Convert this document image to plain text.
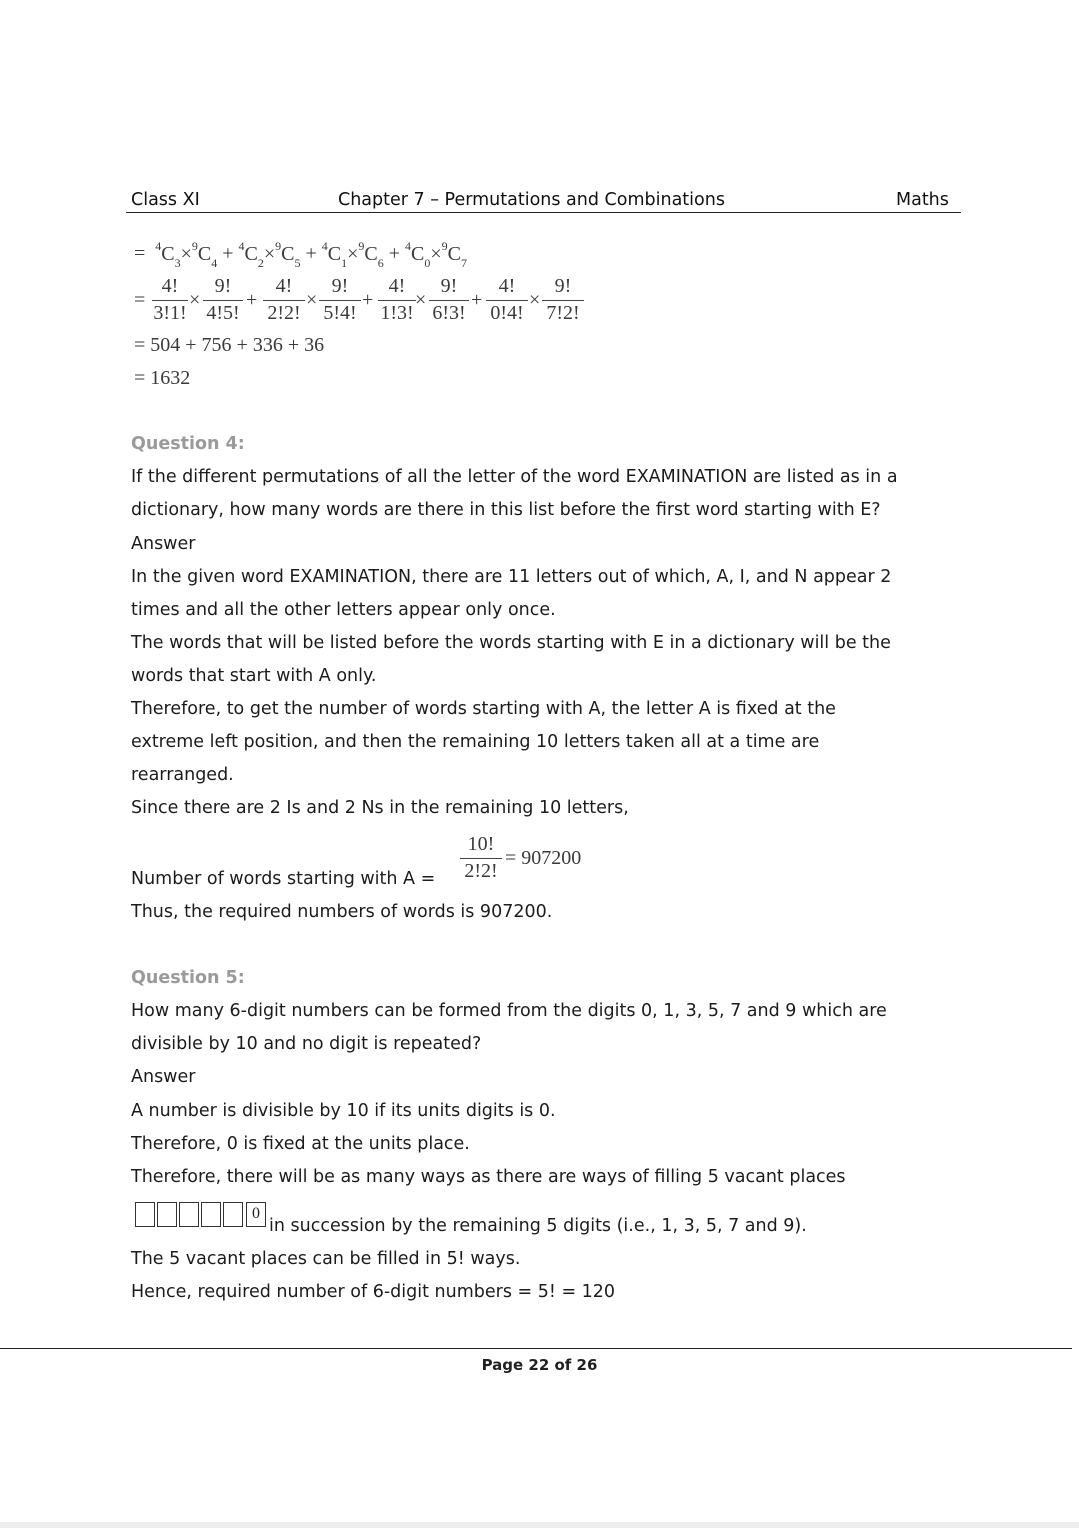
Class XI	Chapter 7 – Permutations and Combinations	Maths
= $^4C_3\times^9C_4 + ^4C_2\times^9C_5 + ^4C_1\times^9C_6 + ^4C_0\times^9C_7$
=
4!
3!1!
×
9!
4!5!
+
4!
2!2!
×
9!
5!4!
+
4!
1!3!
×
9!
6!3!
+
4!
0!4!
×
9!
7!2!
= 504 + 756 + 336 + 36
= 1632
Question 4:
If the different permutations of all the letter of the word EXAMINATION are listed as in a
dictionary, how many words are there in this list before the first word starting with E?
Answer
In the given word EXAMINATION, there are 11 letters out of which, A, I, and N appear 2
times and all the other letters appear only once.
The words that will be listed before the words starting with E in a dictionary will be the
words that start with A only.
Therefore, to get the number of words starting with A, the letter A is fixed at the
extreme left position, and then the remaining 10 letters taken all at a time are
rearranged.
Since there are 2 Is and 2 Ns in the remaining 10 letters,
Number of words starting with A =
10!
2!2!
= 907200
Thus, the required numbers of words is 907200.
Question 5:
How many 6-digit numbers can be formed from the digits 0, 1, 3, 5, 7 and 9 which are
divisible by 10 and no digit is repeated?
Answer
A number is divisible by 10 if its units digits is 0.
Therefore, 0 is fixed at the units place.
Therefore, there will be as many ways as there are ways of filling 5 vacant places
0
in succession by the remaining 5 digits (i.e., 1, 3, 5, 7 and 9).
The 5 vacant places can be filled in 5! ways.
Hence, required number of 6-digit numbers = 5! = 120
Page 22 of 26
